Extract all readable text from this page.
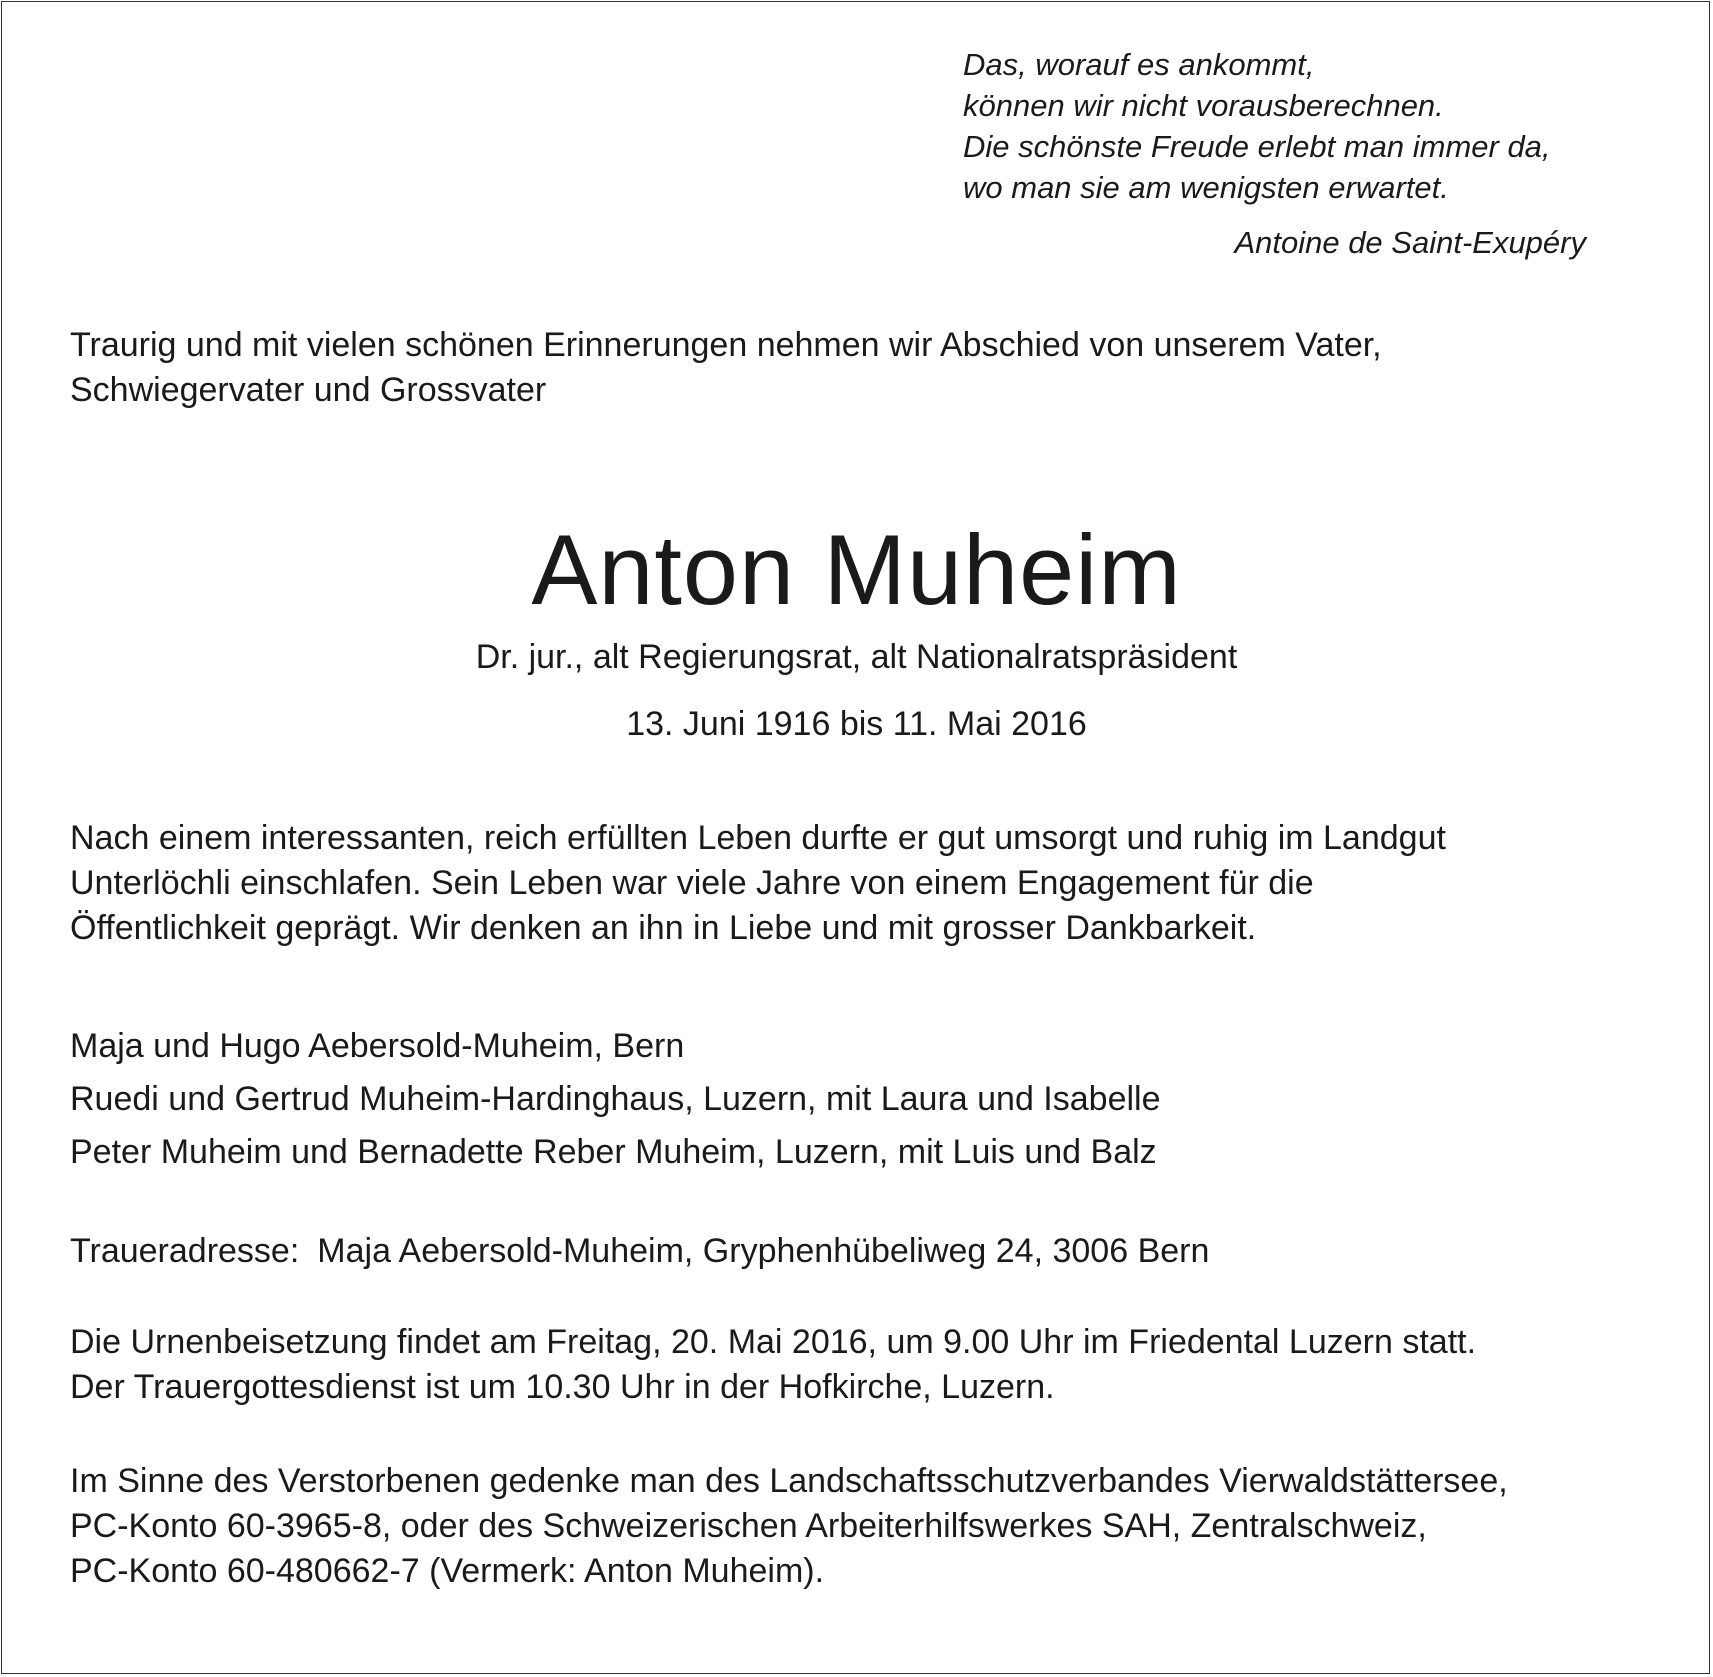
Das, worauf es ankommt,
können wir nicht vorausberechnen.
Die schönste Freude erlebt man immer da,
wo man sie am wenigsten erwartet.
Antoine de Saint-Exupéry
Traurig und mit vielen schönen Erinnerungen nehmen wir Abschied von unserem Vater,
Schwiegervater und Grossvater
Anton Muheim
Dr. jur., alt Regierungsrat, alt Nationalratspräsident
13. Juni 1916 bis 11. Mai 2016
Nach einem interessanten, reich erfüllten Leben durfte er gut umsorgt und ruhig im Landgut
Unterlöchli einschlafen. Sein Leben war viele Jahre von einem Engagement für die
Öffentlichkeit geprägt. Wir denken an ihn in Liebe und mit grosser Dankbarkeit.
Maja und Hugo Aebersold-Muheim, Bern
Ruedi und Gertrud Muheim-Hardinghaus, Luzern, mit Laura und Isabelle
Peter Muheim und Bernadette Reber Muheim, Luzern, mit Luis und Balz
Traueradresse: Maja Aebersold-Muheim, Gryphenhübeliweg 24, 3006 Bern
Die Urnenbeisetzung findet am Freitag, 20. Mai 2016, um 9.00 Uhr im Friedental Luzern statt.
Der Trauergottesdienst ist um 10.30 Uhr in der Hofkirche, Luzern.
Im Sinne des Verstorbenen gedenke man des Landschaftsschutzverbandes Vierwaldstättersee,
PC-Konto 60-3965-8, oder des Schweizerischen Arbeiterhilfswerkes SAH, Zentralschweiz,
PC-Konto 60-480662-7 (Vermerk: Anton Muheim).
